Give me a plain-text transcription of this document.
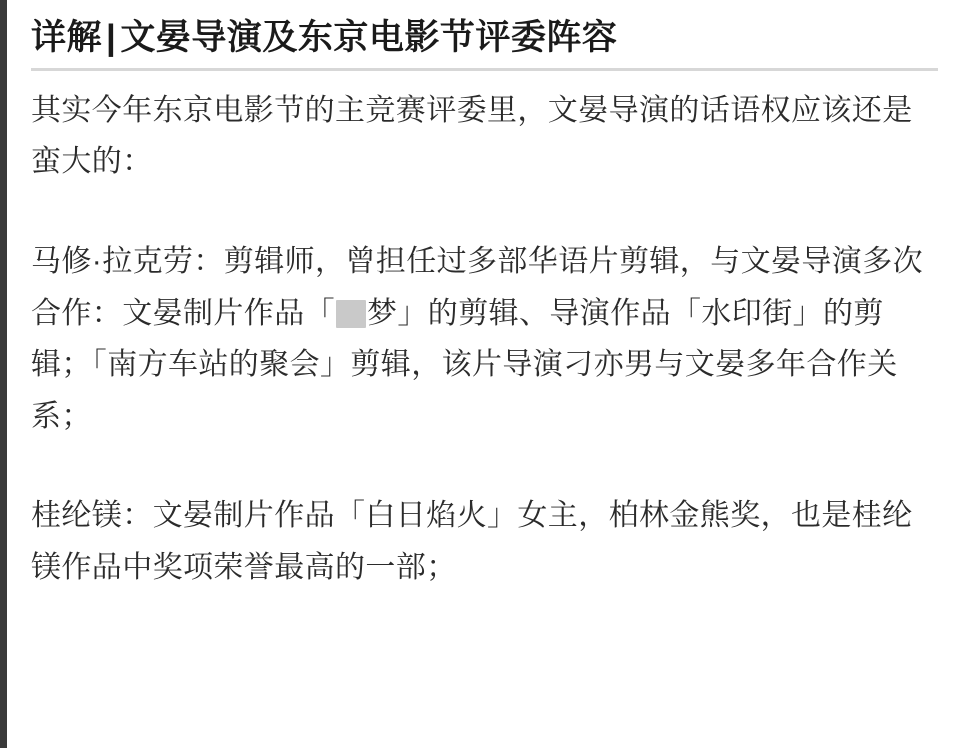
详解 | 文晏导演及东京电影节评委阵容

其实今年东京电影节的主竞赛评委里，文晏导演的话语权应该还是蛮大的：

马修·拉克劳：剪辑师，曾担任过多部华语片剪辑，与文晏导演多次合作：文晏制片作品「 梦」的剪辑、导演作品「水印街」的剪辑；「南方车站的聚会」剪辑，该片导演刁亦男与文晏多年合作关系；

桂纶镁：文晏制片作品「白日焰火」女主，柏林金熊奖，也是桂纶镁作品中奖项荣誉最高的一部；
